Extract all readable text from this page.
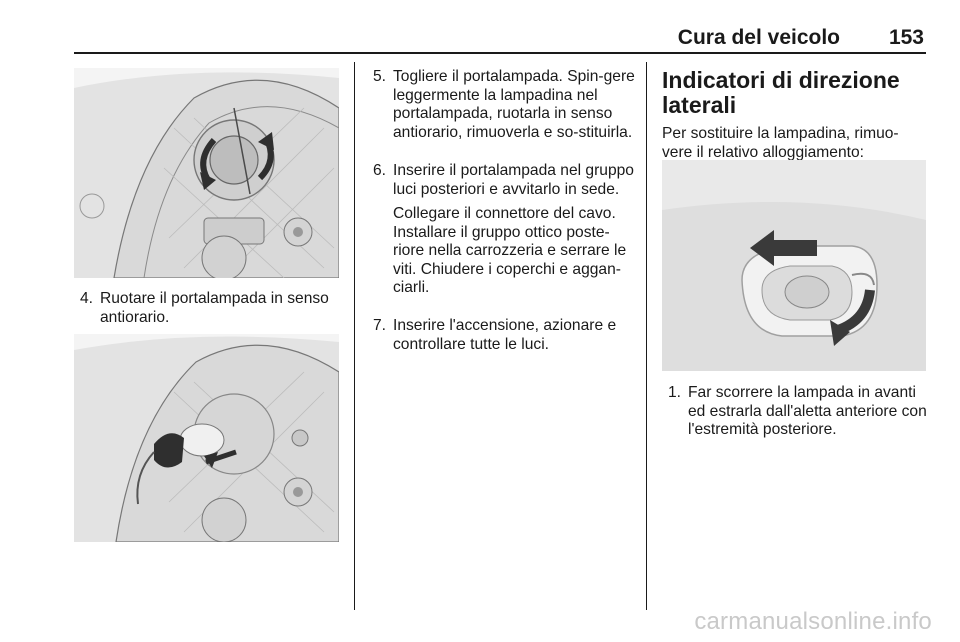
Cura del veicolo	153
4. Ruotare il portalampada in senso antiorario.
5. Togliere il portalampada. Spin-gere leggermente la lampadina nel portalampada, ruotarla in senso antiorario, rimuoverla e so-stituirla.
6. Inserire il portalampada nel gruppo luci posteriori e avvitarlo in sede.

Collegare il connettore del cavo. Installare il gruppo ottico poste-riore nella carrozzeria e serrare le viti. Chiudere i coperchi e aggan-ciarli.

7. Inserire l'accensione, azionare e controllare tutte le luci.
Indicatori di direzione laterali
Per sostituire la lampadina, rimuo-vere il relativo alloggiamento:
1. Far scorrere la lampada in avanti ed estrarla dall'aletta anteriore con l'estremità posteriore.
carmanualsonline.info
